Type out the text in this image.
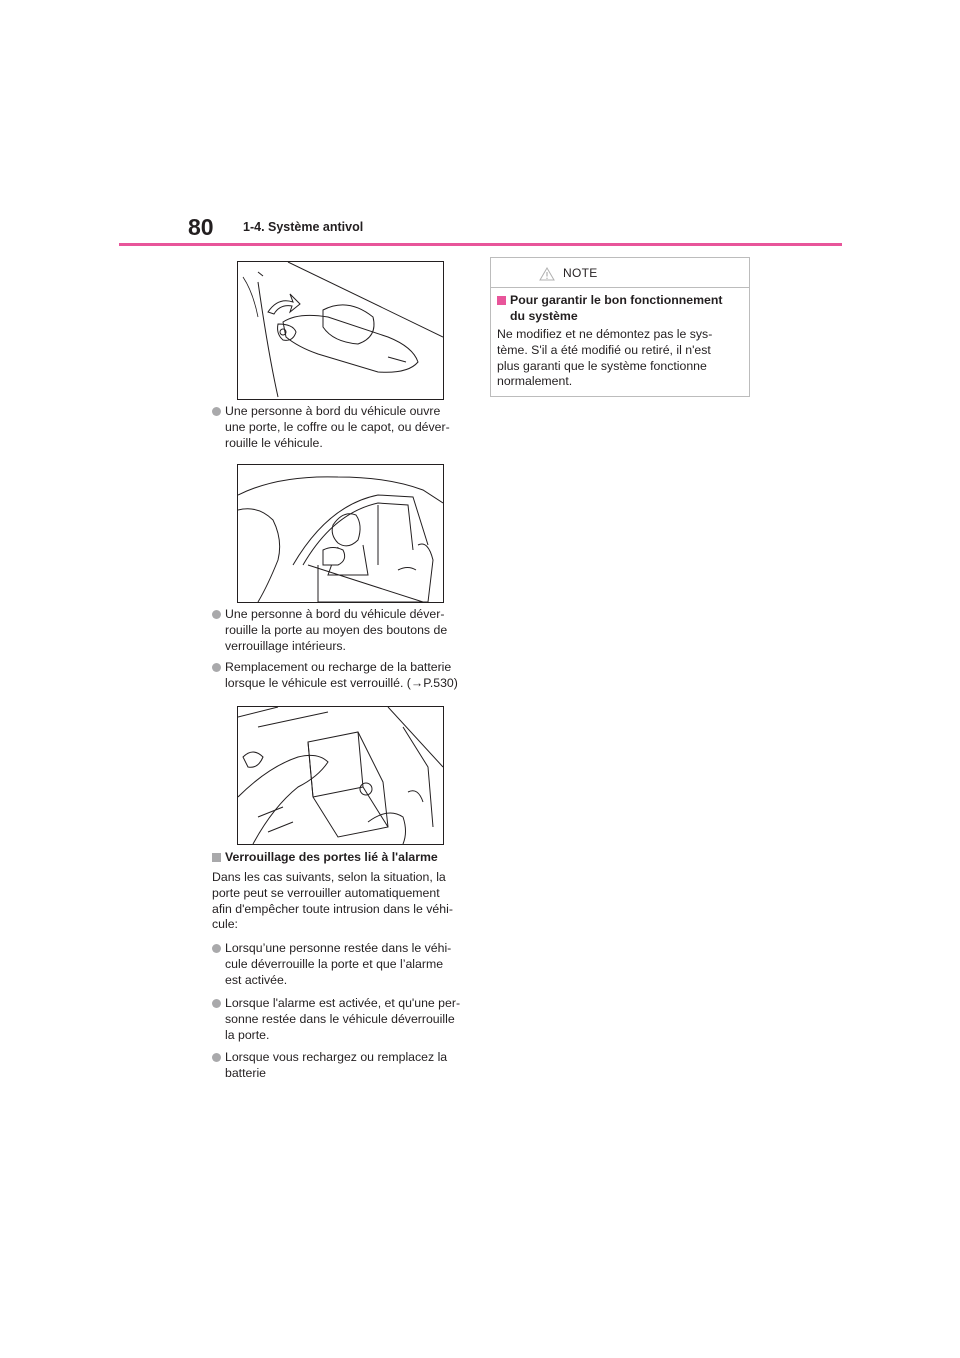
80 1-4. Système antivol
Une personne à bord du véhicule ouvre
une porte, le coffre ou le capot, ou déver-
rouille le véhicule.
Une personne à bord du véhicule déver-
rouille la porte au moyen des boutons de
verrouillage intérieurs.
Remplacement ou recharge de la batterie
lorsque le véhicule est verrouillé. (→P.530)
Verrouillage des portes lié à l'alarme
Dans les cas suivants, selon la situation, la
porte peut se verrouiller automatiquement
afin d'empêcher toute intrusion dans le véhi-
cule:
Lorsqu’une personne restée dans le véhi-
cule déverrouille la porte et que l’alarme
est activée.
Lorsque l'alarme est activée, et qu'une per-
sonne restée dans le véhicule déverrouille
la porte.
Lorsque vous rechargez ou remplacez la
batterie
NOTE
Pour garantir le bon fonctionnement
du système
Ne modifiez et ne démontez pas le sys-
tème. S'il a été modifié ou retiré, il n'est
plus garanti que le système fonctionne
normalement.
